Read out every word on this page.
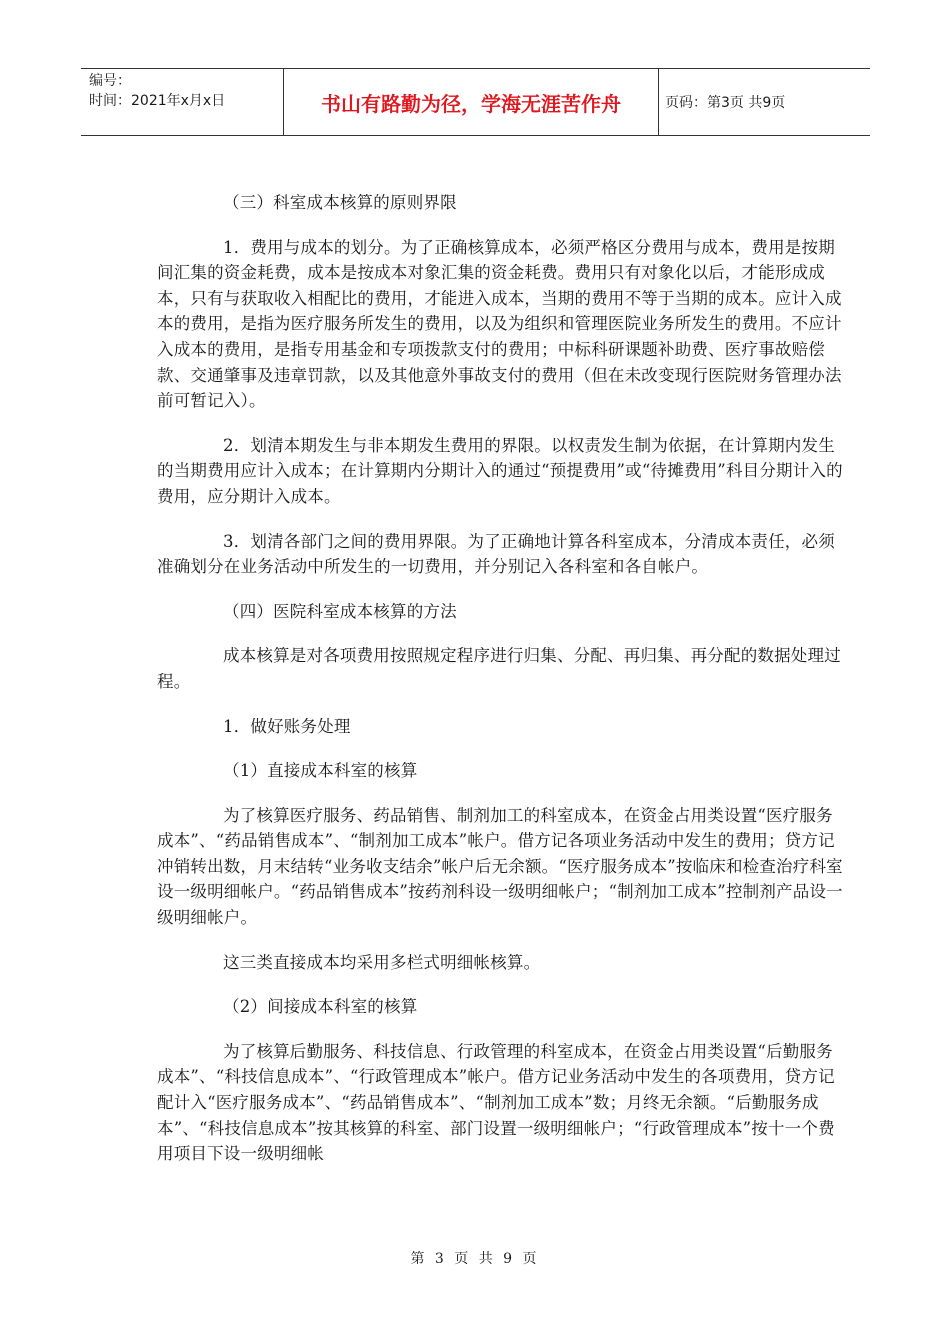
编号：
时间：2021年x月x日	书山有路勤为径，学海无涯苦作舟	页码：第3页 共9页

（三）科室成本核算的原则界限

1．费用与成本的划分。为了正确核算成本，必须严格区分费用与成本，费用是按期间汇集的资金耗费，成本是按成本对象汇集的资金耗费。费用只有对象化以后，才能形成成本，只有与获取收入相配比的费用，才能进入成本，当期的费用不等于当期的成本。应计入成本的费用，是指为医疗服务所发生的费用，以及为组织和管理医院业务所发生的费用。不应计入成本的费用，是指专用基金和专项拨款支付的费用；中标科研课题补助费、医疗事故赔偿款、交通肇事及违章罚款，以及其他意外事故支付的费用（但在未改变现行医院财务管理办法前可暂记入）。

2．划清本期发生与非本期发生费用的界限。以权责发生制为依据，在计算期内发生的当期费用应计入成本；在计算期内分期计入的通过“预提费用”或“待摊费用”科目分期计入的费用，应分期计入成本。

3．划清各部门之间的费用界限。为了正确地计算各科室成本，分清成本责任，必须准确划分在业务活动中所发生的一切费用，并分别记入各科室和各自帐户。

（四）医院科室成本核算的方法

成本核算是对各项费用按照规定程序进行归集、分配、再归集、再分配的数据处理过程。

1．做好账务处理

（1）直接成本科室的核算

为了核算医疗服务、药品销售、制剂加工的科室成本，在资金占用类设置“医疗服务成本”、“药品销售成本”、“制剂加工成本”帐户。借方记各项业务活动中发生的费用；贷方记冲销转出数，月末结转“业务收支结余”帐户后无余额。“医疗服务成本”按临床和检查治疗科室设一级明细帐户。“药品销售成本”按药剂科设一级明细帐户；“制剂加工成本”控制剂产品设一级明细帐户。

这三类直接成本均采用多栏式明细帐核算。

（2）间接成本科室的核算

为了核算后勤服务、科技信息、行政管理的科室成本，在资金占用类设置“后勤服务成本”、“科技信息成本”、“行政管理成本”帐户。借方记业务活动中发生的各项费用，贷方记配计入“医疗服务成本”、“药品销售成本”、“制剂加工成本”数；月终无余额。“后勤服务成本”、“科技信息成本”按其核算的科室、部门设置一级明细帐户；“行政管理成本”按十一个费用项目下设一级明细帐

第 3 页 共 9 页
